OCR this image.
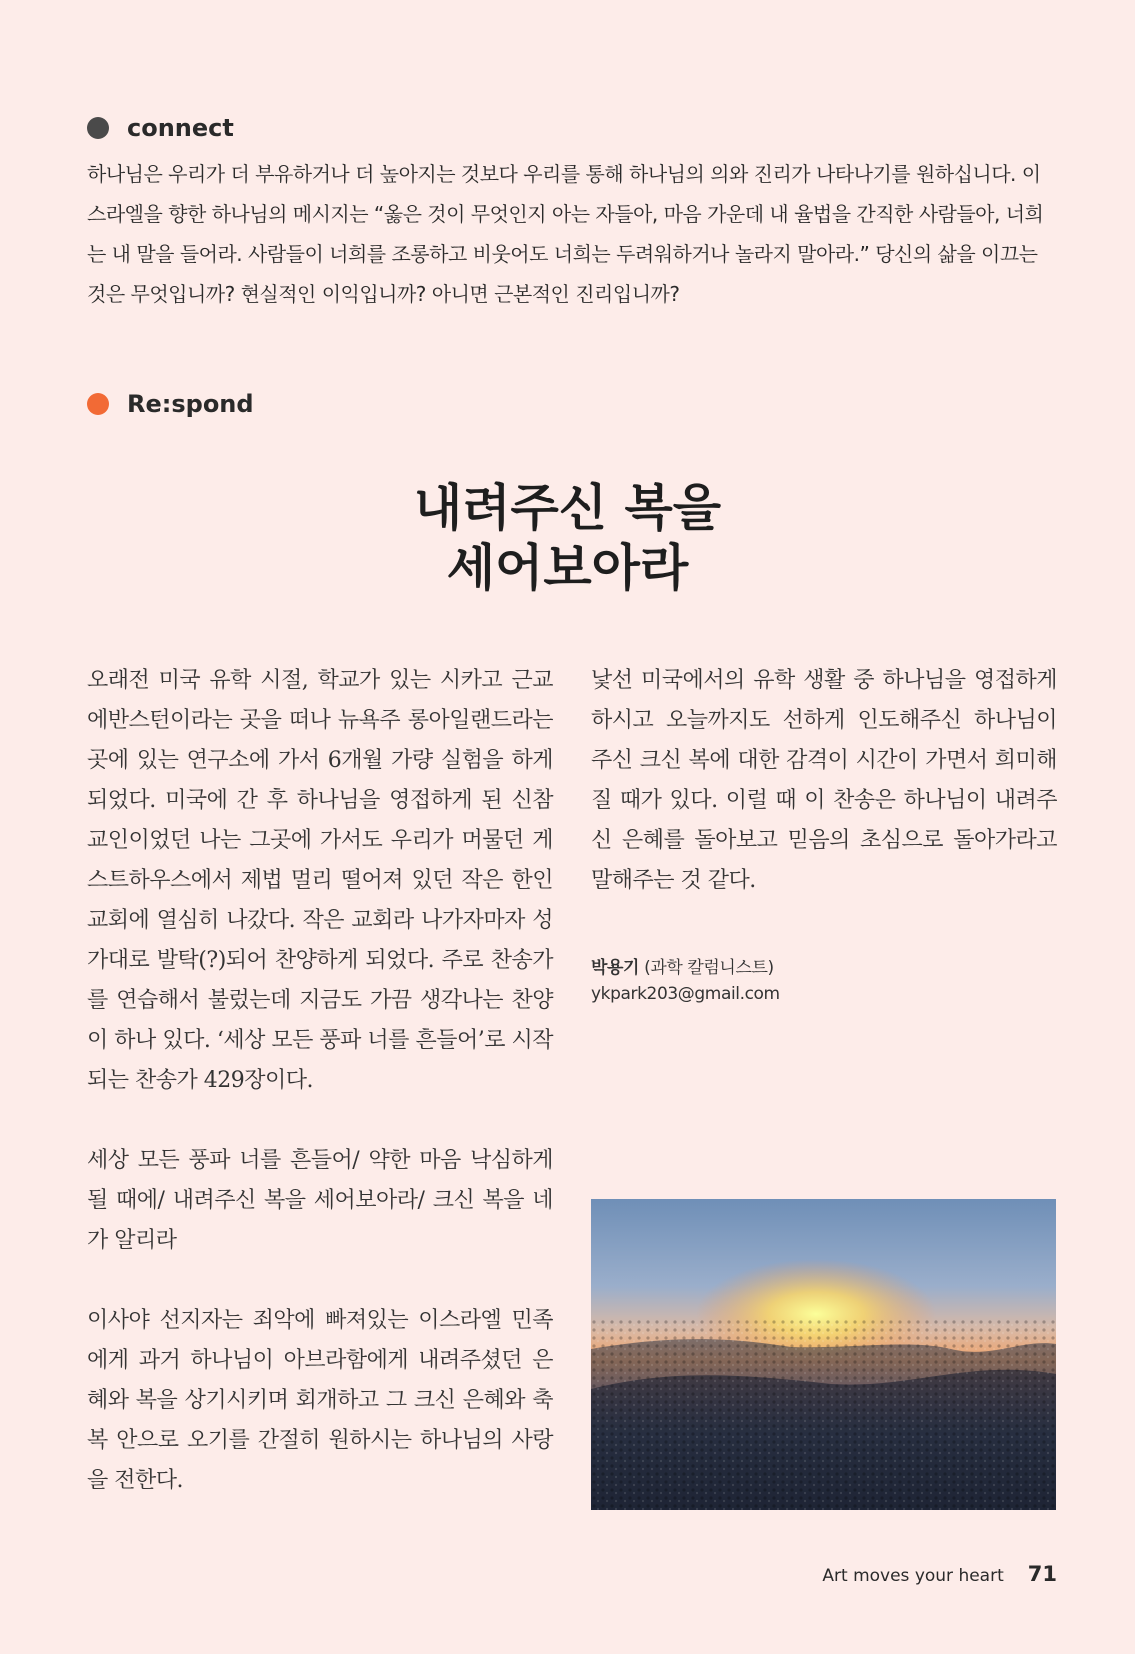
connect

하나님은 우리가 더 부유하거나 더 높아지는 것보다 우리를 통해 하나님의 의와 진리가 나타나기를 원하십니다. 이스라엘을 향한 하나님의 메시지는 “옳은 것이 무엇인지 아는 자들아, 마음 가운데 내 율법을 간직한 사람들아, 너희는 내 말을 들어라. 사람들이 너희를 조롱하고 비웃어도 너희는 두려워하거나 놀라지 말아라.” 당신의 삶을 이끄는 것은 무엇입니까? 현실적인 이익입니까? 아니면 근본적인 진리입니까?

Re:spond
내려주신 복을
세어보아라

오래전 미국 유학 시절, 학교가 있는 시카고 근교 에반스턴이라는 곳을 떠나 뉴욕주 롱아일랜드라는 곳에 있는 연구소에 가서 6개월 가량 실험을 하게 되었다. 미국에 간 후 하나님을 영접하게 된 신참 교인이었던 나는 그곳에 가서도 우리가 머물던 게스트하우스에서 제법 멀리 떨어져 있던 작은 한인교회에 열심히 나갔다. 작은 교회라 나가자마자 성가대로 발탁(?)되어 찬양하게 되었다. 주로 찬송가를 연습해서 불렀는데 지금도 가끔 생각나는 찬양이 하나 있다. ‘세상 모든 풍파 너를 흔들어’로 시작되는 찬송가 429장이다.

세상 모든 풍파 너를 흔들어/ 약한 마음 낙심하게 될 때에/ 내려주신 복을 세어보아라/ 크신 복을 네가 알리라

이사야 선지자는 죄악에 빠져있는 이스라엘 민족에게 과거 하나님이 아브라함에게 내려주셨던 은혜와 복을 상기시키며 회개하고 그 크신 은혜와 축복 안으로 오기를 간절히 원하시는 하나님의 사랑을 전한다.

낯선 미국에서의 유학 생활 중 하나님을 영접하게 하시고 오늘까지도 선하게 인도해주신 하나님이 주신 크신 복에 대한 감격이 시간이 가면서 희미해질 때가 있다. 이럴 때 이 찬송은 하나님이 내려주신 은혜를 돌아보고 믿음의 초심으로 돌아가라고 말해주는 것 같다.

박용기 (과학 칼럼니스트)
ykpark203@gmail.com
Art moves your heart 71
